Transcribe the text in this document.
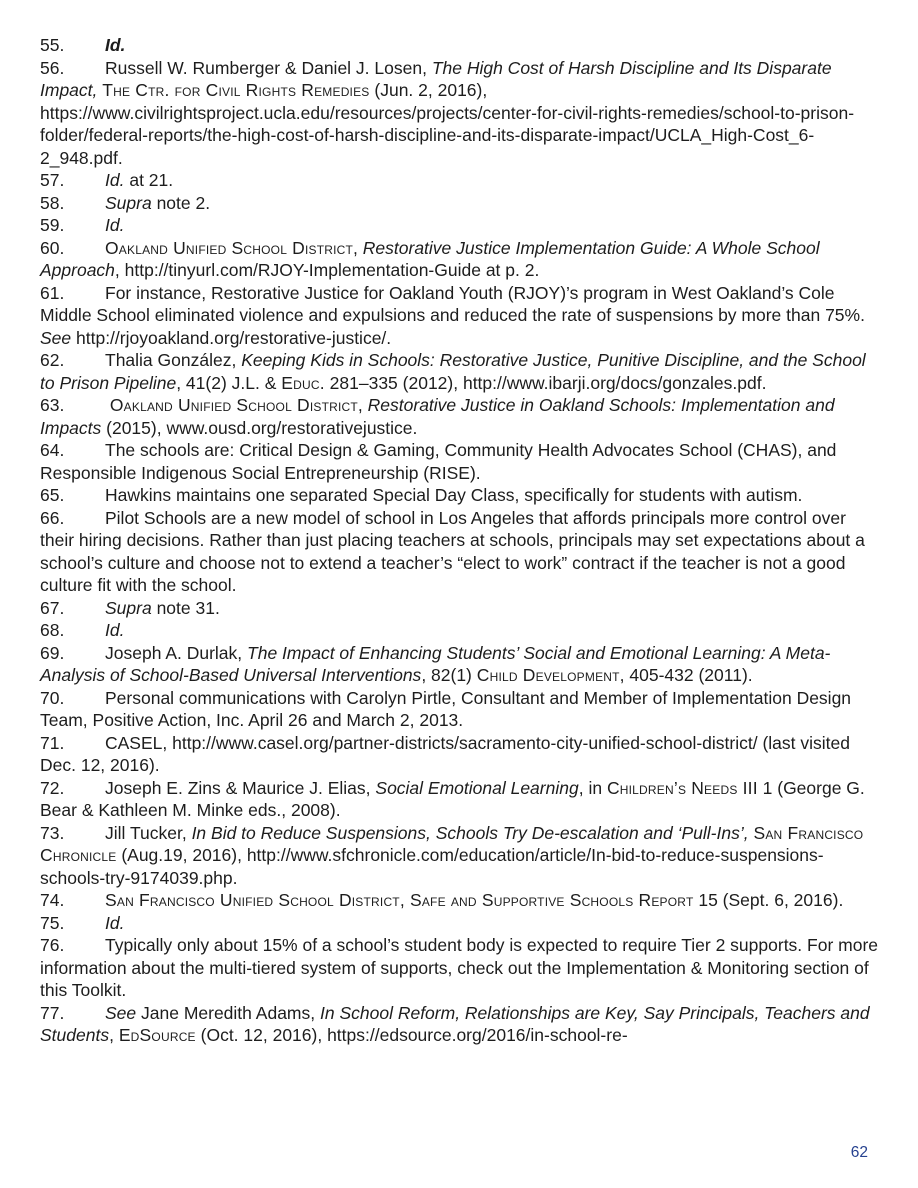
55. Id.

56. Russell W. Rumberger & Daniel J. Losen, The High Cost of Harsh Discipline and Its Disparate Impact, The Ctr. for Civil Rights Remedies (Jun. 2, 2016), https://www.civilrightsproject.ucla.edu/resources/projects/center-for-civil-rights-remedies/school-to-prison-folder/federal-reports/the-high-cost-of-harsh-discipline-and-its-disparate-impact/UCLA_High-Cost_6-2_948.pdf.

57. Id. at 21.

58. Supra note 2.

59. Id.

60. Oakland Unified School District, Restorative Justice Implementation Guide: A Whole School Approach, http://tinyurl.com/RJOY-Implementation-Guide at p. 2.

61. For instance, Restorative Justice for Oakland Youth (RJOY)’s program in West Oakland’s Cole Middle School eliminated violence and expulsions and reduced the rate of suspensions by more than 75%. See http://rjoyoakland.org/restorative-justice/.

62. Thalia González, Keeping Kids in Schools: Restorative Justice, Punitive Discipline, and the School to Prison Pipeline, 41(2) J.L. & Educ. 281–335 (2012), http://www.ibarji.org/docs/gonzales.pdf.

63.	Oakland Unified School District, Restorative Justice in Oakland Schools: Implementation and Impacts (2015), www.ousd.org/restorativejustice.

64. The schools are: Critical Design & Gaming, Community Health Advocates School (CHAS), and Responsible Indigenous Social Entrepreneurship (RISE).

65. Hawkins maintains one separated Special Day Class, specifically for students with autism.

66. Pilot Schools are a new model of school in Los Angeles that affords principals more control over their hiring decisions. Rather than just placing teachers at schools, principals may set expectations about a school’s culture and choose not to extend a teacher’s “elect to work” contract if the teacher is not a good culture fit with the school.

67. Supra note 31.

68. Id.

69. Joseph A. Durlak, The Impact of Enhancing Students’ Social and Emotional Learning: A Meta-Analysis of School-Based Universal Interventions, 82(1) Child Development, 405-432 (2011).

70. Personal communications with Carolyn Pirtle, Consultant and Member of Implementation Design Team, Positive Action, Inc. April 26 and March 2, 2013.

71. CASEL, http://www.casel.org/partner-districts/sacramento-city-unified-school-district/ (last visited Dec. 12, 2016).

72. Joseph E. Zins & Maurice J. Elias, Social Emotional Learning, in Children’s Needs III 1 (George G. Bear & Kathleen M. Minke eds., 2008).

73. Jill Tucker, In Bid to Reduce Suspensions, Schools Try De-escalation and ‘Pull-Ins’, San Francisco Chronicle (Aug.19, 2016), http://www.sfchronicle.com/education/article/In-bid-to-reduce-suspensions-schools-try-9174039.php.

74. San Francisco Unified School District, Safe and Supportive Schools Report 15 (Sept. 6, 2016).

75. Id.

76. Typically only about 15% of a school’s student body is expected to require Tier 2 supports. For more information about the multi-tiered system of supports, check out the Implementation & Monitoring section of this Toolkit.

77. See Jane Meredith Adams, In School Reform, Relationships are Key, Say Principals, Teachers and Students, EdSource (Oct. 12, 2016), https://edsource.org/2016/in-school-re-

62
